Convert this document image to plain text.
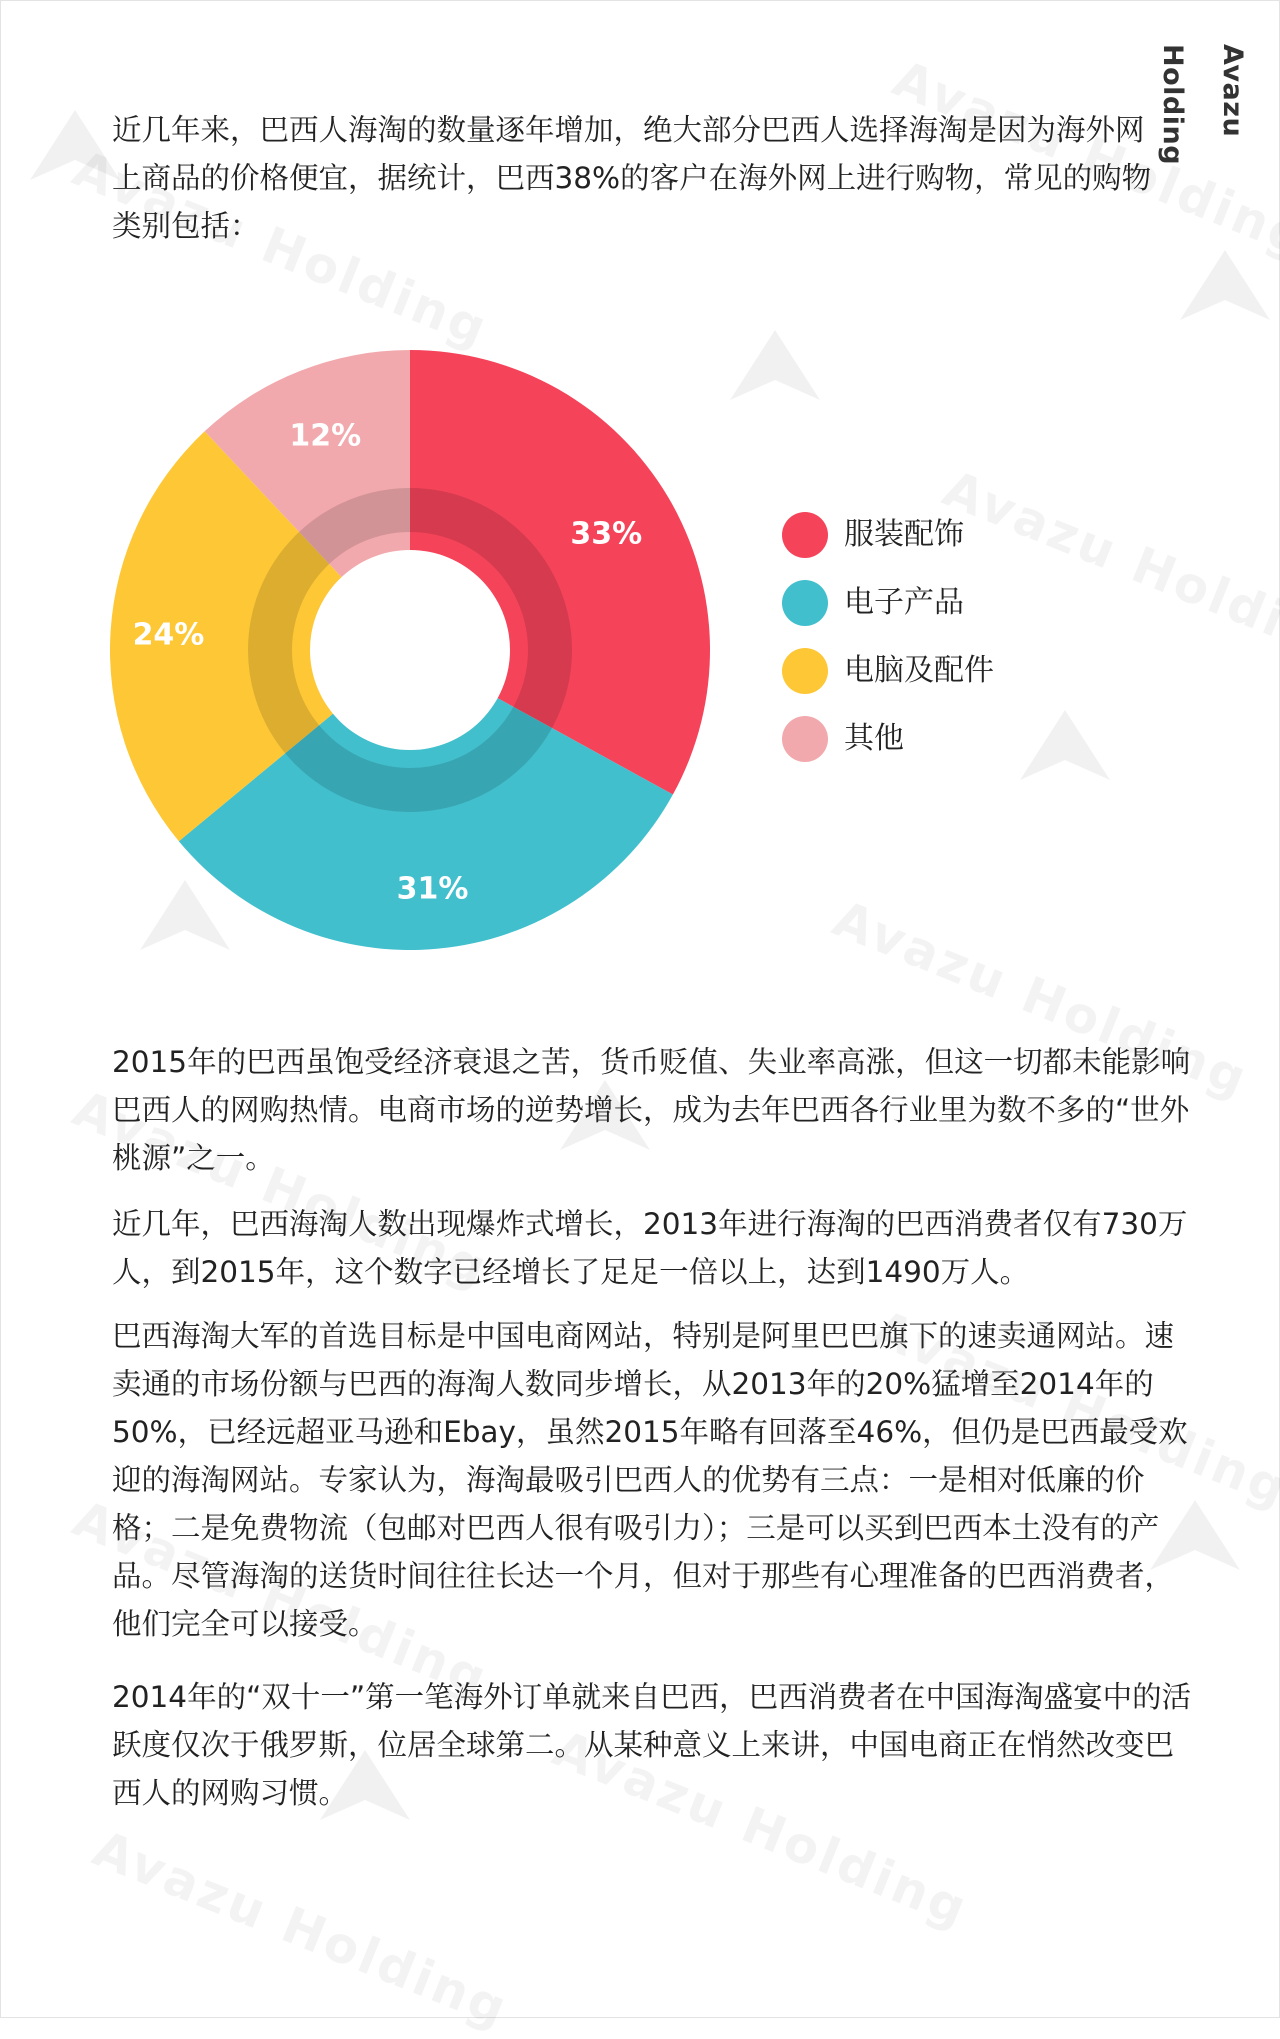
Avazu Holding

近几年来，巴西人海淘的数量逐年增加，绝大部分巴西人选择海淘是因为海外网上商品的价格便宜，据统计，巴西38%的客户在海外网上进行购物，常见的购物类别包括：

33%
31%
24%
12%
服装配饰
电子产品
电脑及配件
其他

2015年的巴西虽饱受经济衰退之苦，货币贬值、失业率高涨，但这一切都未能影响巴西人的网购热情。电商市场的逆势增长，成为去年巴西各行业里为数不多的“世外桃源”之一。

近几年，巴西海淘人数出现爆炸式增长，2013年进行海淘的巴西消费者仅有730万人，到2015年，这个数字已经增长了足足一倍以上，达到1490万人。

巴西海淘大军的首选目标是中国电商网站，特别是阿里巴巴旗下的速卖通网站。速卖通的市场份额与巴西的海淘人数同步增长，从2013年的20%猛增至2014年的50%，已经远超亚马逊和Ebay，虽然2015年略有回落至46%，但仍是巴西最受欢迎的海淘网站。专家认为，海淘最吸引巴西人的优势有三点：一是相对低廉的价格；二是免费物流（包邮对巴西人很有吸引力）；三是可以买到巴西本土没有的产品。尽管海淘的送货时间往往长达一个月，但对于那些有心理准备的巴西消费者，他们完全可以接受。

2014年的“双十一”第一笔海外订单就来自巴西，巴西消费者在中国海淘盛宴中的活跃度仅次于俄罗斯，位居全球第二。从某种意义上来讲，中国电商正在悄然改变巴西人的网购习惯。
